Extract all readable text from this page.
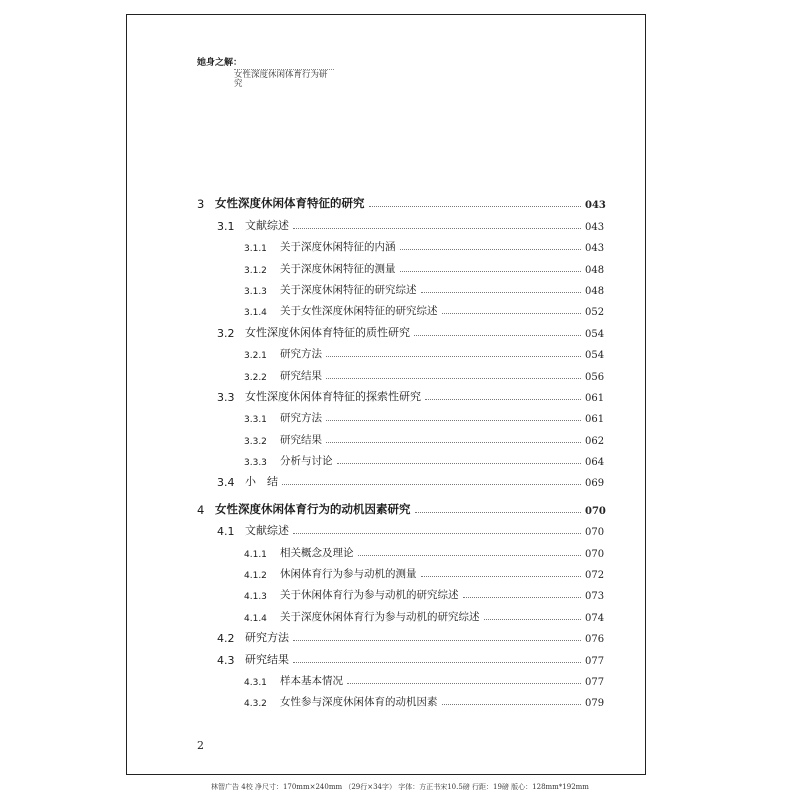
她身之解：
女性深度休闲体育行为研究
3 女性深度休闲体育特征的研究	043
3.1 文献综述	043
3.1.1	关于深度休闲特征的内涵	043
3.1.2	关于深度休闲特征的测量	048
3.1.3	关于深度休闲特征的研究综述	048
3.1.4	关于女性深度休闲特征的研究综述	052
3.2 女性深度休闲体育特征的质性研究	054
3.2.1	研究方法	054
3.2.2	研究结果	056
3.3 女性深度休闲体育特征的探索性研究	061
3.3.1	研究方法	061
3.3.2	研究结果	062
3.3.3	分析与讨论	064
3.4 小　结	069
4 女性深度休闲体育行为的动机因素研究	070
4.1 文献综述	070
4.1.1	相关概念及理论	070
4.1.2	休闲体育行为参与动机的测量	072
4.1.3	关于休闲体育行为参与动机的研究综述	073
4.1.4	关于深度休闲体育行为参与动机的研究综述	074
4.2 研究方法	076
4.3 研究结果	077
4.3.1	样本基本情况	077
4.3.2	女性参与深度休闲体育的动机因素	079
2
林智广告 4校 净尺寸：170mm×240mm （29行×34字） 字体：方正书宋10.5磅 行距：19磅 版心：128mm*192mm
